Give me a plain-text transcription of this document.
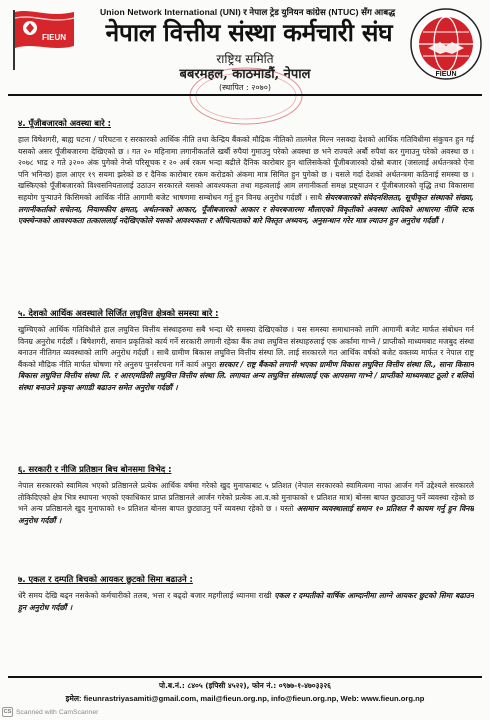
FIEUN
Union Network International (UNI) र नेपाल ट्रेड युनियन कांग्रेस (NTUC) सँग आबद्ध
नेपाल वित्तीय संस्था कर्मचारी संघ
राष्ट्रिय समिति
बबरमहल, काठमाडौं, नेपाल
(स्थापित : २०७०)
FIEUN
४. पूँजीबजारको अवस्था बारे :
हाल विषेशगरी, बाह्य घटना / परिघटना र सरकारको आर्थिक नीति तथा केन्द्रिय बैंकको मौद्रिक नीतिको तालमेल मिल्न नसक्दा देशको आर्थिक गतिविधीमा संकुचन हुन गई यसको असर पूँजीबजारमा देखिएको छ । गत २० महिनामा लगानीकर्ताले खर्बौ रुपैयां गुमाउनु परेको अवस्था छ भने राज्यले अर्बौ रुपैयां कर गुमाउनु परेको अवस्था छ । २०७८ भाद्र २ गते ३२०० अंक पुगेको नेप्से परिसूचक र २० अर्ब रकम भन्दा बढीले दैनिक कारोबार हुन थालिसकेको पूँजीबजारको दोस्रो बजार (जसलाई अर्थतन्त्रको ऐना पनि भनिन्छ) हाल आएर १९ सयमा झरेको छ र दैनिक कारोबार रकम करोडको अंकमा मात्र सिमित हुन पुगेको छ । यसले गर्दा देशको अर्थतन्त्रमा कठिनाई समस्या छ । खस्किएको पूँजीबजारको विश्वसनियतालाई उठाउन सरकारले यसको आवश्यकता तथा महत्वलाई आम लगानीकर्ता समक्ष प्रष्ट्याउन र पूँजीबजारको वृद्धि तथा विकासमा सहयोग पुऱ्याउने किसिमको आर्थिक नीति आगामी बजेट भाषणमा सम्बोधन गर्नु हुन विनम्र अनुरोध गर्दछौं । साथै सेयरबजारको संवेदनशिलता, सूचीकृत संस्थाको संख्या, लगानीकर्ताको सचेतना, नियामकीय क्षमता, अर्थतन्त्रको आकार, पूँजीबजारको आकार र सेयरबजारमा मौलाएको विकृतीको अवस्था आदिको आधारमा नीजि स्टक एक्स्चेन्जको आवश्यकता तत्काललाई नदेखिएकोले यसको आवश्यकता र औचित्यताको बारे विस्तृत अध्ययन, अनुसन्धान गरेर मात्र ल्याउन हुन अनुरोध गर्दछौं ।
५. देशको आर्थिक अवस्थाले सिर्जित लघुवित्त क्षेत्रको समस्या बारे :
खुम्चिएको आर्थिक गतिविधीले हाल लघुवित्त वित्तीय संस्थाहरुमा सबै भन्दा धेरै समस्या देखिएकोछ । यस समस्या समाधानको लागि आगामी बजेट मार्फत संबोधन गर्न विनम्र अनुरोध गर्दछौं । बिषेशगरी, समान प्रकृतिको कार्य गर्ने सरकारी लगानी रहेका बैंक तथा लघुवित्त संस्थाहरुलाई एक अर्कामा गाभ्ने / प्राप्तीको माध्यमबाट मजबुद संस्था बनाउन नीतिगत व्यवस्थाको लागि अनुरोध गर्दछौं । साथै ग्रामीण बिकास लघुवित्त वित्तीय संस्था लि. लाई सरकारले गत आर्थिक वर्षको बजेट वक्तव्य मार्फत र नेपाल राष्ट्र बैंकको मौद्रिक नीति मार्फत घोषणा गरे अनुरुप पुनर्संरचना गर्ने कार्य अघुरा सरकार / राष्ट्र बैंकको लगानी भएका ग्रामीण विकास लघुवित्त वित्तीय संस्था लि., साना किसान बिकास लघुवित्त वित्तीय संस्था लि. र आरएमडिसी लघुवित्त वित्तीय संस्था लि. लगायत अन्य लघुवित्त संस्थालाई एक आपसमा गाभ्ने / प्राप्तीको माध्यमबाट ठूलो र बलियो संस्था बनाउने प्रकृया अगाडी बढाउन समेत अनुरोध गर्दछौं ।
६. सरकारी र नीजि प्रतिष्ठान बिच बोनसमा विभेद :
नेपाल सरकारको स्वामित्व भएको प्रतिष्ठानले प्रत्येक आर्थिक वर्षमा गरेको खुद मुनाफाबाट ५ प्रतिशत (नेपाल सरकारको स्वामित्वमा नाफा आर्जन गर्ने उद्देश्यले सरकारले तोकिदिएको क्षेत्र भित्र स्थापना भएको एकाधिकार प्राप्त प्रतिष्ठानले आर्जन गरेको प्रत्येक आ.व.को मुनाफाको १ प्रतिशत मात्र) बोनस बापत छुट्याउनु पर्ने व्यवस्था रहेको छ भने अन्य प्रतिष्ठानले खुद मुनाफाको १० प्रतिशत बोनस बापत छुट्याउनु पर्ने व्यवस्था रहेको छ । यस्तो असमान व्यवस्थालाई समान १० प्रतिशत नै कायम गर्नु हुन विनम्र अनुरोध गर्दछौं ।
७. एकल र दम्पति बिचको आयकर छुटको सिमा बढाउने :
धेरै समय देखि बढ्न नसकेको कर्मचारीको तलब, भत्ता र बढ्दो बजार महगीलाई ध्यानमा राखी एकल र दम्पतीको वार्षिक आम्दानीमा लाग्ने आयकर छुटको सिमा बढाउन हुन अनुरोध गर्दछौं ।
पो.ब.नं.: ८४०५ (इपिसी ४५२२), फोन नं.: ०९७७-१-४७०३३२६
इमेल: fieunrastriyasamiti@gmail.com, mail@fieun.org.np, info@fieun.org.np, Web: www.fieun.org.np
CS Scanned with CamScanner
